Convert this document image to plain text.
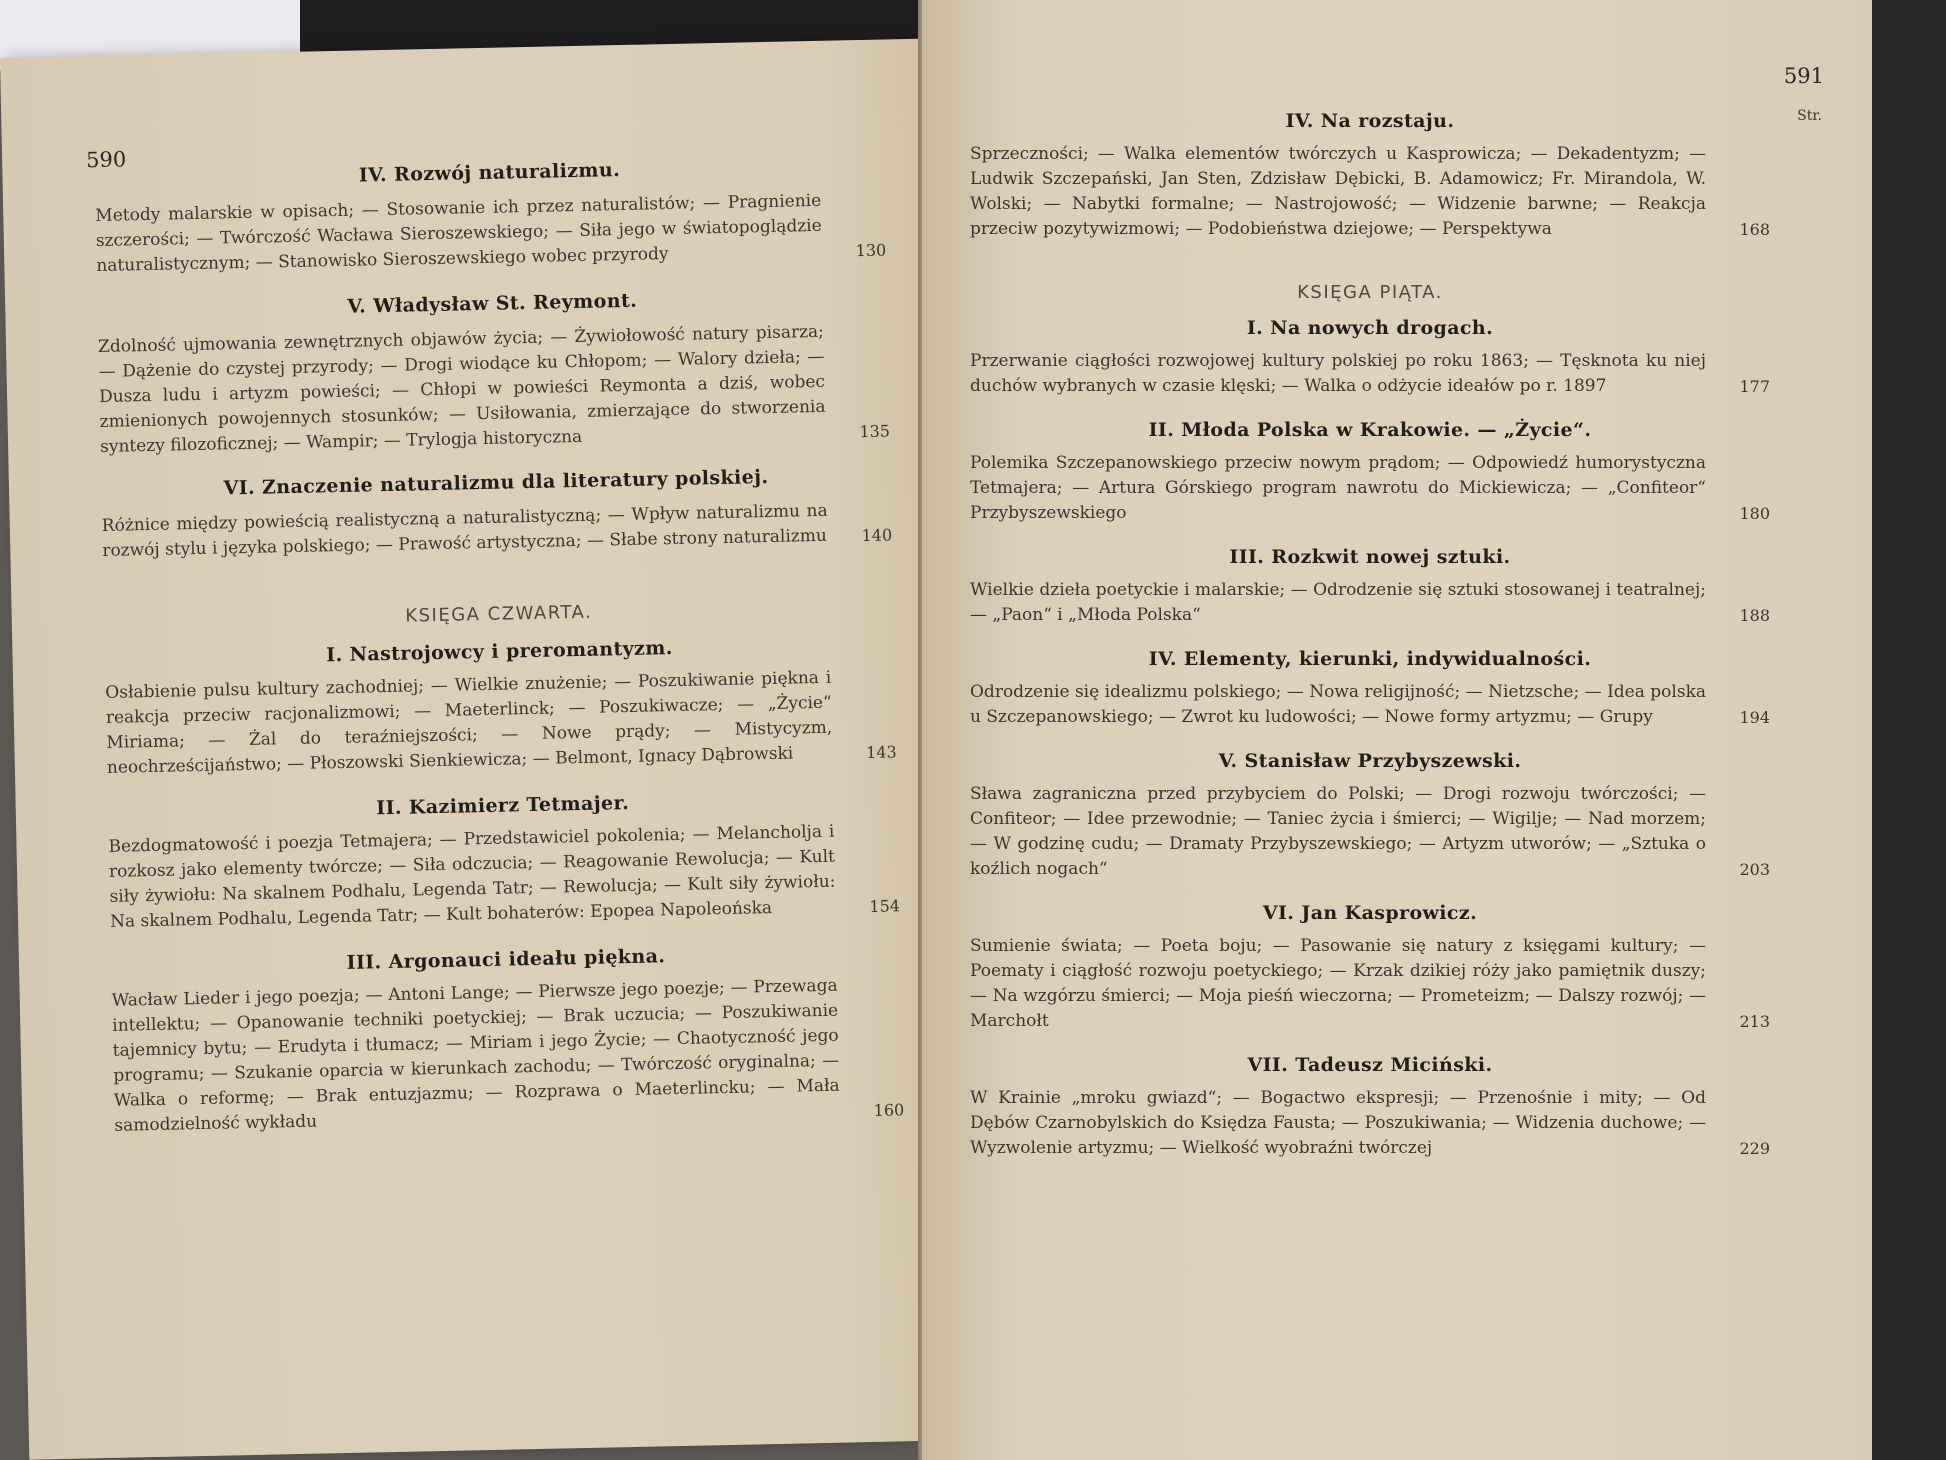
590	IV. Rozwój naturalizmu.

Metody malarskie w opisach; — Stosowanie ich przez naturalistów; — Pragnienie szczerości; — Twórczość Wacława Sieroszewskiego; — Siła jego w światopoglądzie naturalistycznym; — Stanowisko Sieroszewskiego wobec przyrody	130

V. Władysław St. Reymont.

Zdolność ujmowania zewnętrznych objawów życia; — Żywiołowość natury pisarza; — Dążenie do czystej przyrody; — Drogi wiodące ku Chłopom; — Walory dzieła; — Dusza ludu i artyzm powieści; — Chłopi w powieści Reymonta a dziś, wobec zmienionych powojennych stosunków; — Usiłowania, zmierzające do stworzenia syntezy filozoficznej; — Wampir; — Trylogja historyczna	135

VI. Znaczenie naturalizmu dla literatury polskiej.

Różnice między powieścią realistyczną a naturalistyczną; — Wpływ naturalizmu na rozwój stylu i języka polskiego; — Prawość artystyczna; — Słabe strony naturalizmu	140

KSIĘGA CZWARTA.

I. Nastrojowcy i preromantyzm.

Osłabienie pulsu kultury zachodniej; — Wielkie znużenie; — Poszukiwanie piękna i reakcja przeciw racjonalizmowi; — Maeterlinck; — Poszukiwacze; — „Życie“ Miriama; — Żal do teraźniejszości; — Nowe prądy; — Mistycyzm, neochrześcijaństwo; — Płoszowski Sienkiewicza; — Belmont, Ignacy Dąbrowski	143

II. Kazimierz Tetmajer.

Bezdogmatowość i poezja Tetmajera; — Przedstawiciel pokolenia; — Melancholja i rozkosz jako elementy twórcze; — Siła odczucia; — Reagowanie Rewolucja; — Kult siły żywiołu: Na skalnem Podhalu, Legenda Tatr; — Rewolucja; — Kult siły żywiołu: Na skalnem Podhalu, Legenda Tatr; — Kult bohaterów: Epopea Napoleońska	154

III. Argonauci ideału piękna.

Wacław Lieder i jego poezja; — Antoni Lange; — Pierwsze jego poezje; — Przewaga intellektu; — Opanowanie techniki poetyckiej; — Brak uczucia; — Poszukiwanie tajemnicy bytu; — Erudyta i tłumacz; — Miriam i jego Życie; — Chaotyczność jego programu; — Szukanie oparcia w kierunkach zachodu; — Twórczość oryginalna; — Walka o reformę; — Brak entuzjazmu; — Rozprawa o Maeterlincku; — Mała samodzielność wykładu
160
591
Str.

IV. Na rozstaju.

Sprzeczności; — Walka elementów twórczych u Kasprowicza; — Dekadentyzm; — Ludwik Szczepański, Jan Sten, Zdzisław Dębicki, B. Adamowicz; Fr. Mirandola, W. Wolski; — Nabytki formalne; — Nastrojowość; — Widzenie barwne; — Reakcja przeciw pozytywizmowi; — Podobieństwa dziejowe; — Perspektywa	168

KSIĘGA PIĄTA.

I. Na nowych drogach.

Przerwanie ciągłości rozwojowej kultury polskiej po roku 1863; — Tęsknota ku niej duchów wybranych w czasie klęski; — Walka o odżycie ideałów po r. 1897	177

II. Młoda Polska w Krakowie. — „Życie“.

Polemika Szczepanowskiego przeciw nowym prądom; — Odpowiedź humorystyczna Tetmajera; — Artura Górskiego program nawrotu do Mickiewicza; — „Confiteor“ Przybyszewskiego	180

III. Rozkwit nowej sztuki.

Wielkie dzieła poetyckie i malarskie; — Odrodzenie się sztuki stosowanej i teatralnej; — „Paon“ i „Młoda Polska“	188

IV. Elementy, kierunki, indywidualności.

Odrodzenie się idealizmu polskiego; — Nowa religijność; — Nietzsche; — Idea polska u Szczepanowskiego; — Zwrot ku ludowości; — Nowe formy artyzmu; — Grupy	194

V. Stanisław Przybyszewski.

Sława zagraniczna przed przybyciem do Polski; — Drogi rozwoju twórczości; — Confiteor; — Idee przewodnie; — Taniec życia i śmierci; — Wigilje; — Nad morzem; — W godzinę cudu; — Dramaty Przybyszewskiego; — Artyzm utworów; — „Sztuka o koźlich nogach“	203

VI. Jan Kasprowicz.

Sumienie świata; — Poeta boju; — Pasowanie się natury z księgami kultury; — Poematy i ciągłość rozwoju poetyckiego; — Krzak dzikiej róży jako pamiętnik duszy; — Na wzgórzu śmierci; — Moja pieśń wieczorna; — Prometeizm; — Dalszy rozwój; — Marchołt	213

VII. Tadeusz Miciński.

W Krainie „mroku gwiazd“; — Bogactwo ekspresji; — Przenośnie i mity; — Od Dębów Czarnobylskich do Księdza Fausta; — Poszukiwania; — Widzenia duchowe; — Wyzwolenie artyzmu; — Wielkość wyobraźni twórczej	229
